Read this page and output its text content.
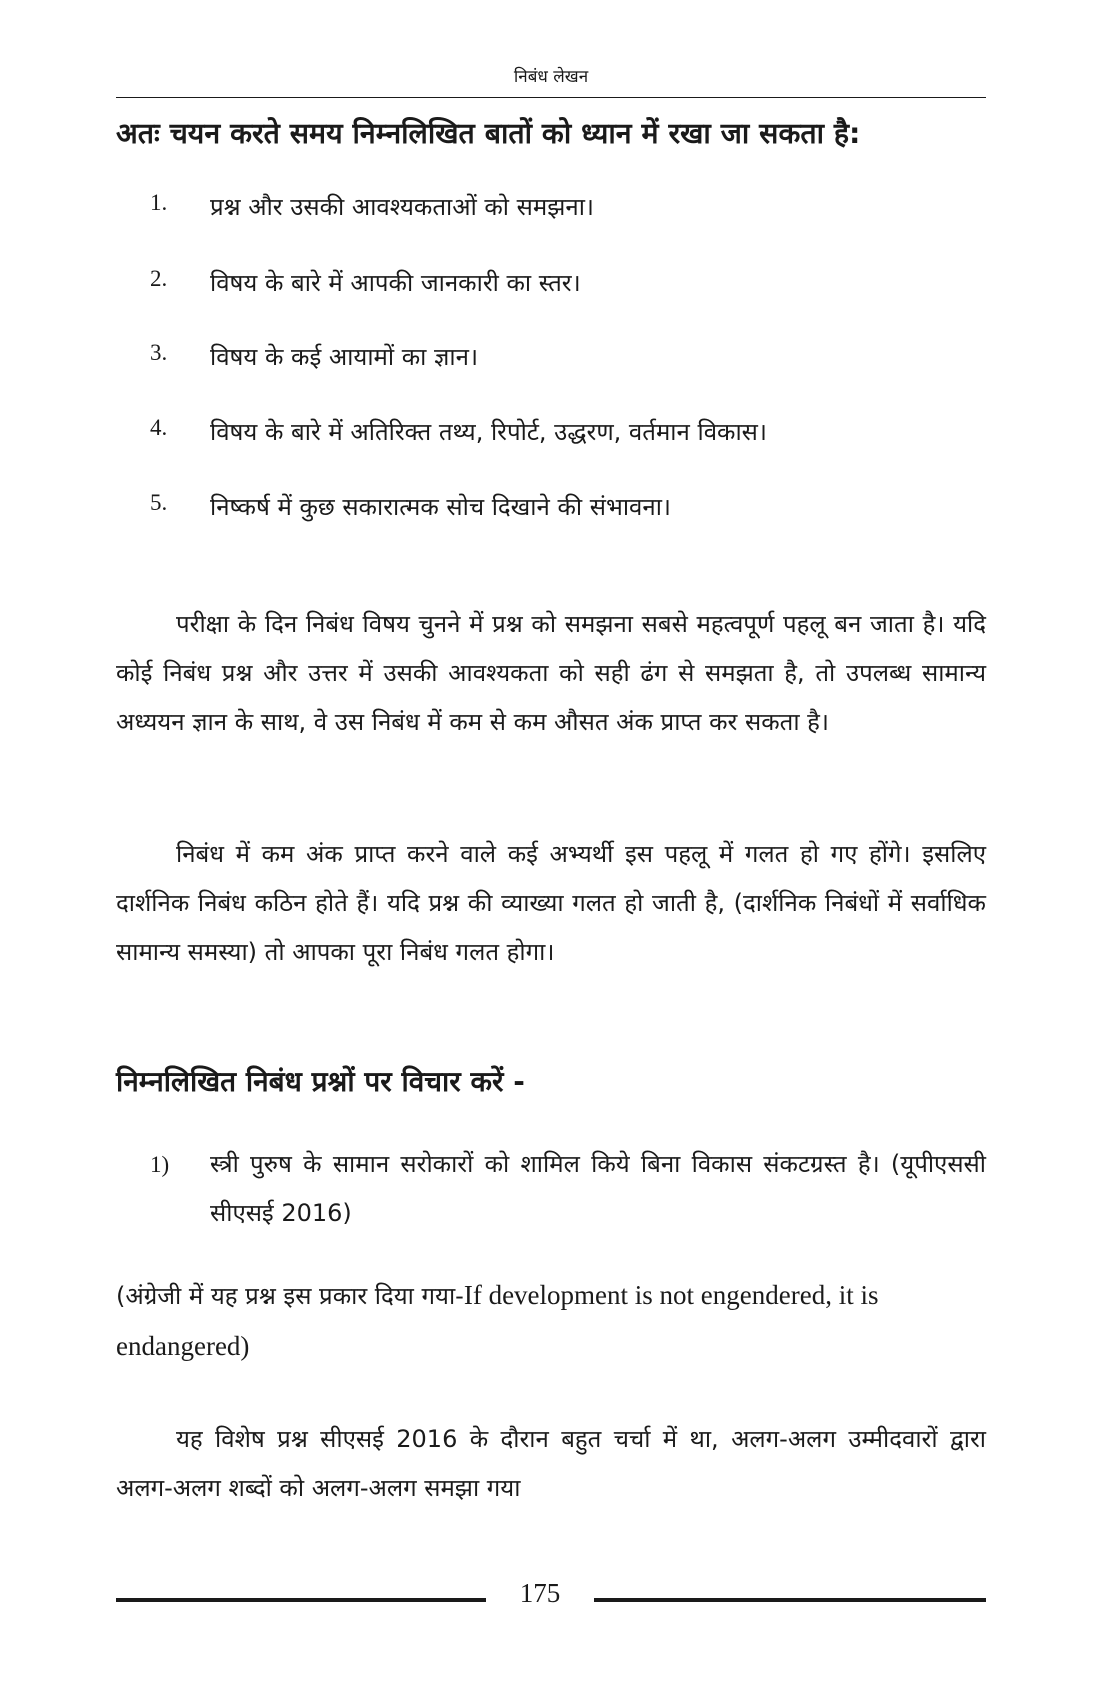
निबंध लेखन
अतः चयन करते समय निम्नलिखित बातों को ध्यान में रखा जा सकता है:
1. प्रश्न और उसकी आवश्यकताओं को समझना।
2. विषय के बारे में आपकी जानकारी का स्तर।
3. विषय के कई आयामों का ज्ञान।
4. विषय के बारे में अतिरिक्त तथ्य, रिपोर्ट, उद्धरण, वर्तमान विकास।
5. निष्कर्ष में कुछ सकारात्मक सोच दिखाने की संभावना।

परीक्षा के दिन निबंध विषय चुनने में प्रश्न को समझना सबसे महत्वपूर्ण पहलू बन जाता है। यदि कोई निबंध प्रश्न और उत्तर में उसकी आवश्यकता को सही ढंग से समझता है, तो उपलब्ध सामान्य अध्ययन ज्ञान के साथ, वे उस निबंध में कम से कम औसत अंक प्राप्त कर सकता है।

निबंध में कम अंक प्राप्त करने वाले कई अभ्यर्थी इस पहलू में गलत हो गए होंगे। इसलिए दार्शनिक निबंध कठिन होते हैं। यदि प्रश्न की व्याख्या गलत हो जाती है, (दार्शनिक निबंधों में सर्वाधिक सामान्य समस्या) तो आपका पूरा निबंध गलत होगा।

निम्नलिखित निबंध प्रश्नों पर विचार करें -
1) स्त्री पुरुष के सामान सरोकारों को शामिल किये बिना विकास संकटग्रस्त है। (यूपीएससी सीएसई 2016)

(अंग्रेजी में यह प्रश्न इस प्रकार दिया गया-If development is not engendered, it is endangered)

यह विशेष प्रश्न सीएसई 2016 के दौरान बहुत चर्चा में था, अलग-अलग उम्मीदवारों द्वारा अलग-अलग शब्दों को अलग-अलग समझा गया

175
